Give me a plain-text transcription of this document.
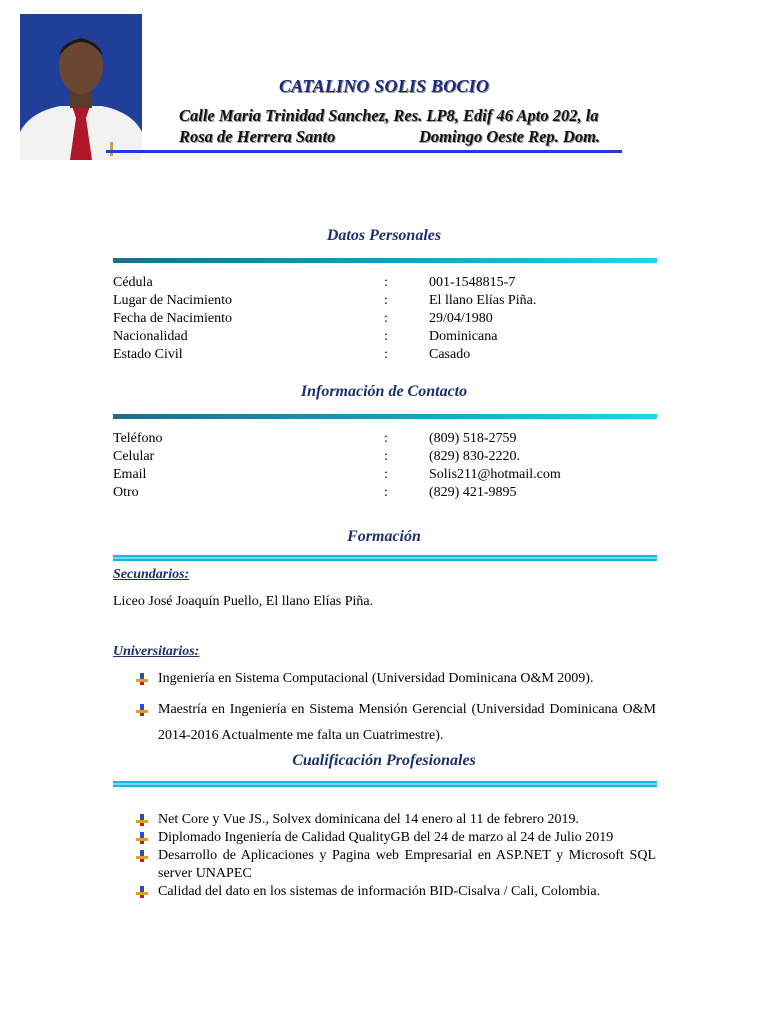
CATALINO SOLIS BOCIO
Calle Maria Trinidad Sanchez, Res. LP8, Edif 46 Apto 202, la
Rosa de Herrera Santo	Domingo Oeste Rep. Dom.
Datos Personales
Cédula	:	001-1548815-7
Lugar de Nacimiento	:	El llano Elías Piña.
Fecha de Nacimiento	:	29/04/1980
Nacionalidad	:	Dominicana
Estado Civil	:	Casado
Información de Contacto
Teléfono	:	(809) 518-2759
Celular	:	(829) 830-2220.
Email	:	Solis211@hotmail.com
Otro	:	(829) 421-9895
Formación
Secundarios:
Liceo José Joaquín Puello, El llano Elías Piña.
Universitarios:
Ingeniería en Sistema Computacional (Universidad Dominicana O&M 2009).
Maestría en Ingeniería en Sistema Mensión Gerencial (Universidad Dominicana O&M 2014-2016 Actualmente me falta un Cuatrimestre).
Cualificación Profesionales
Net Core y Vue JS., Solvex dominicana del 14 enero al 11 de febrero 2019.
Diplomado Ingeniería de Calidad QualityGB del 24 de marzo al 24 de Julio 2019
Desarrollo de Aplicaciones y Pagina web Empresarial en ASP.NET y Microsoft SQL server UNAPEC
Calidad del dato en los sistemas de información BID-Cisalva / Cali, Colombia.
